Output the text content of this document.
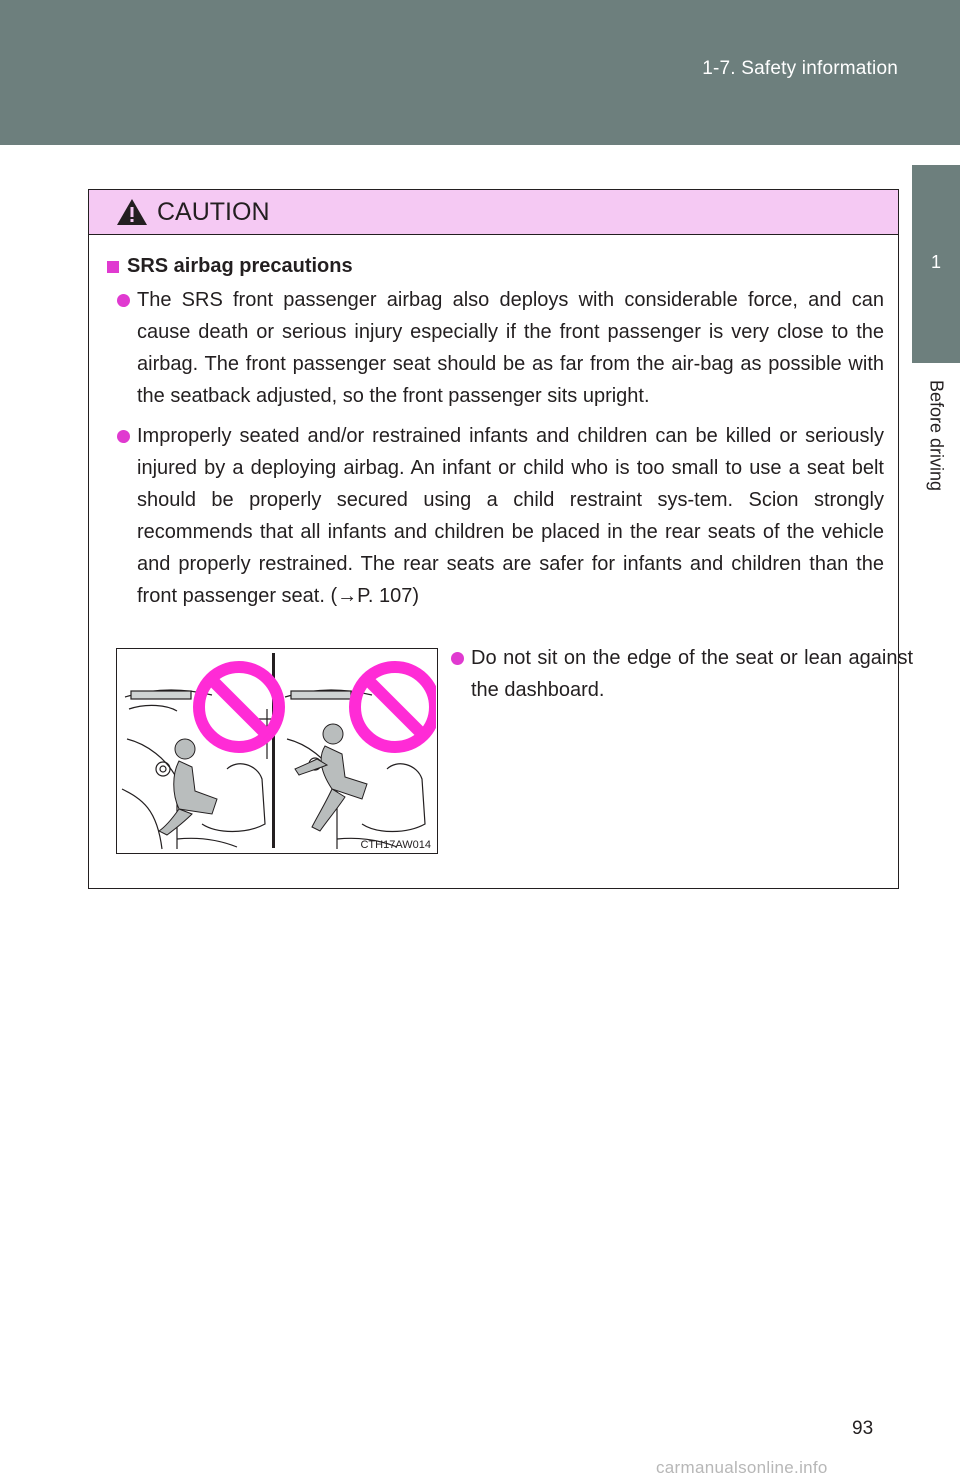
1-7. Safety information
1
Before driving
CAUTION
SRS airbag precautions
The SRS front passenger airbag also deploys with considerable force, and can cause death or serious injury especially if the front passenger is very close to the airbag. The front passenger seat should be as far from the air-bag as possible with the seatback adjusted, so the front passenger sits upright.
Improperly seated and/or restrained infants and children can be killed or seriously injured by a deploying airbag. An infant or child who is too small to use a seat belt should be properly secured using a child restraint sys-tem. Scion strongly recommends that all infants and children be placed in the rear seats of the vehicle and properly restrained. The rear seats are safer for infants and children than the front passenger seat. (→P. 107)
CTH17AW014
Do not sit on the edge of the seat or lean against the dashboard.
93
carmanualsonline.info
